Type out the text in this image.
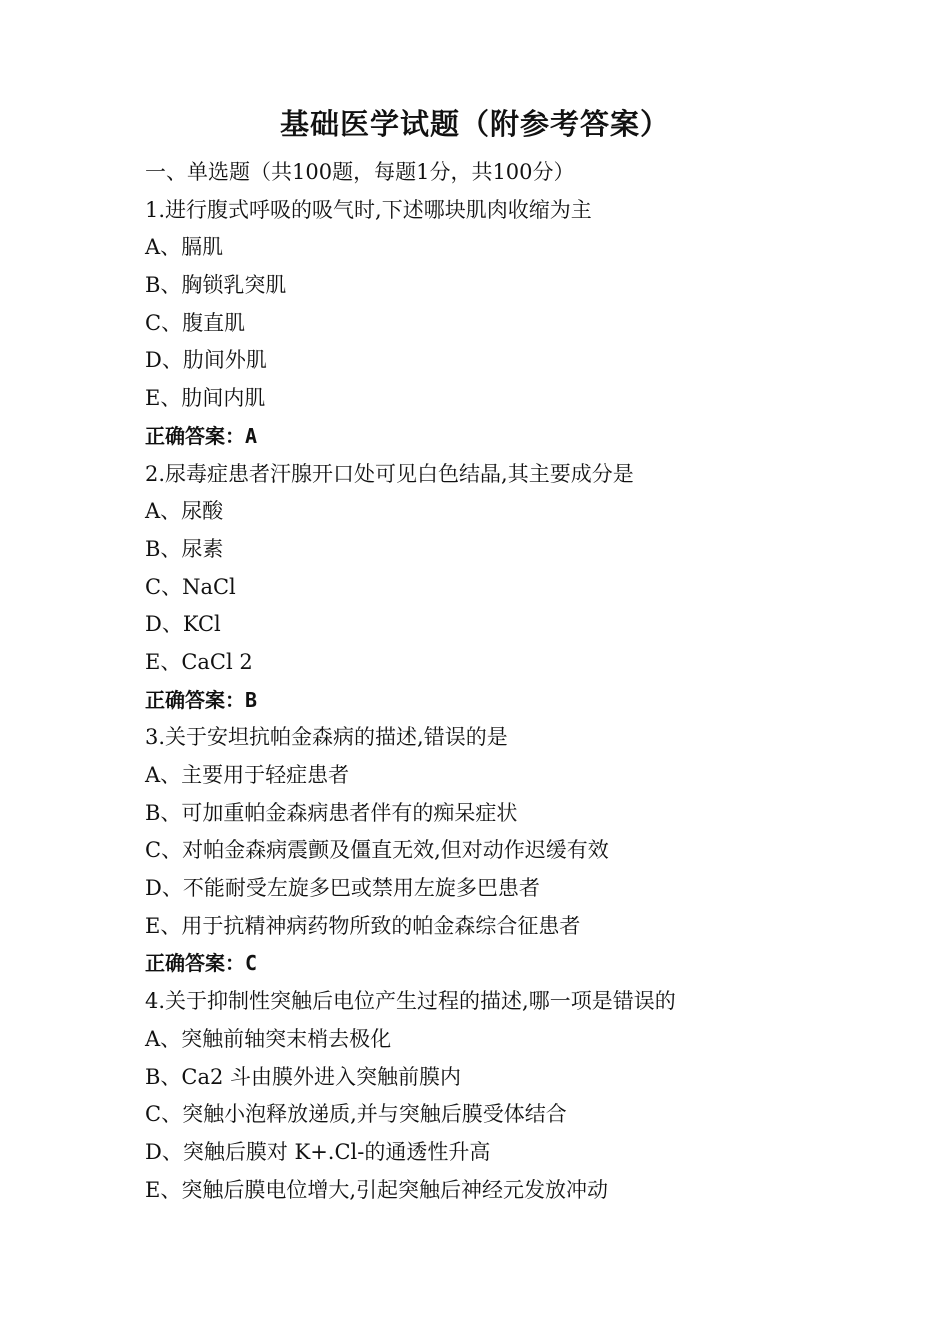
基础医学试题（附参考答案）
一、单选题（共100题，每题1分，共100分）
1.进行腹式呼吸的吸气时,下述哪块肌肉收缩为主
A、膈肌
B、胸锁乳突肌
C、腹直肌
D、肋间外肌
E、肋间内肌
正确答案：A
2.尿毒症患者汗腺开口处可见白色结晶,其主要成分是
A、尿酸
B、尿素
C、NaCl
D、KCl
E、CaCl 2
正确答案：B
3.关于安坦抗帕金森病的描述,错误的是
A、主要用于轻症患者
B、可加重帕金森病患者伴有的痴呆症状
C、对帕金森病震颤及僵直无效,但对动作迟缓有效
D、不能耐受左旋多巴或禁用左旋多巴患者
E、用于抗精神病药物所致的帕金森综合征患者
正确答案：C
4.关于抑制性突触后电位产生过程的描述,哪一项是错误的
A、突触前轴突末梢去极化
B、Ca2 斗由膜外进入突触前膜内
C、突触小泡释放递质,并与突触后膜受体结合
D、突触后膜对 K+.Cl-的通透性升高
E、突触后膜电位增大,引起突触后神经元发放冲动
